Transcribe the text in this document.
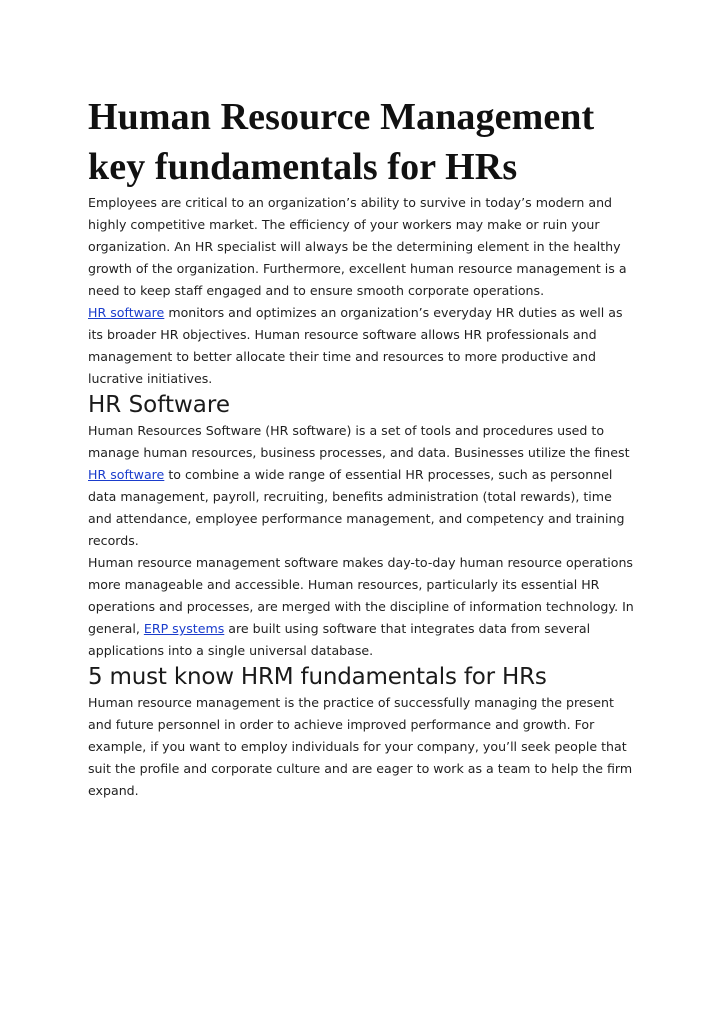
Human Resource Management key fundamentals for HRs

Employees are critical to an organization’s ability to survive in today’s modern and highly competitive market. The efficiency of your workers may make or ruin your organization. An HR specialist will always be the determining element in the healthy growth of the organization. Furthermore, excellent human resource management is a need to keep staff engaged and to ensure smooth corporate operations.

HR software monitors and optimizes an organization’s everyday HR duties as well as its broader HR objectives. Human resource software allows HR professionals and management to better allocate their time and resources to more productive and lucrative initiatives.

HR Software

Human Resources Software (HR software) is a set of tools and procedures used to manage human resources, business processes, and data. Businesses utilize the finest HR software to combine a wide range of essential HR processes, such as personnel data management, payroll, recruiting, benefits administration (total rewards), time and attendance, employee performance management, and competency and training records.

Human resource management software makes day-to-day human resource operations more manageable and accessible. Human resources, particularly its essential HR operations and processes, are merged with the discipline of information technology. In general, ERP systems are built using software that integrates data from several applications into a single universal database.

5 must know HRM fundamentals for HRs

Human resource management is the practice of successfully managing the present and future personnel in order to achieve improved performance and growth. For example, if you want to employ individuals for your company, you’ll seek people that suit the profile and corporate culture and are eager to work as a team to help the firm expand.
